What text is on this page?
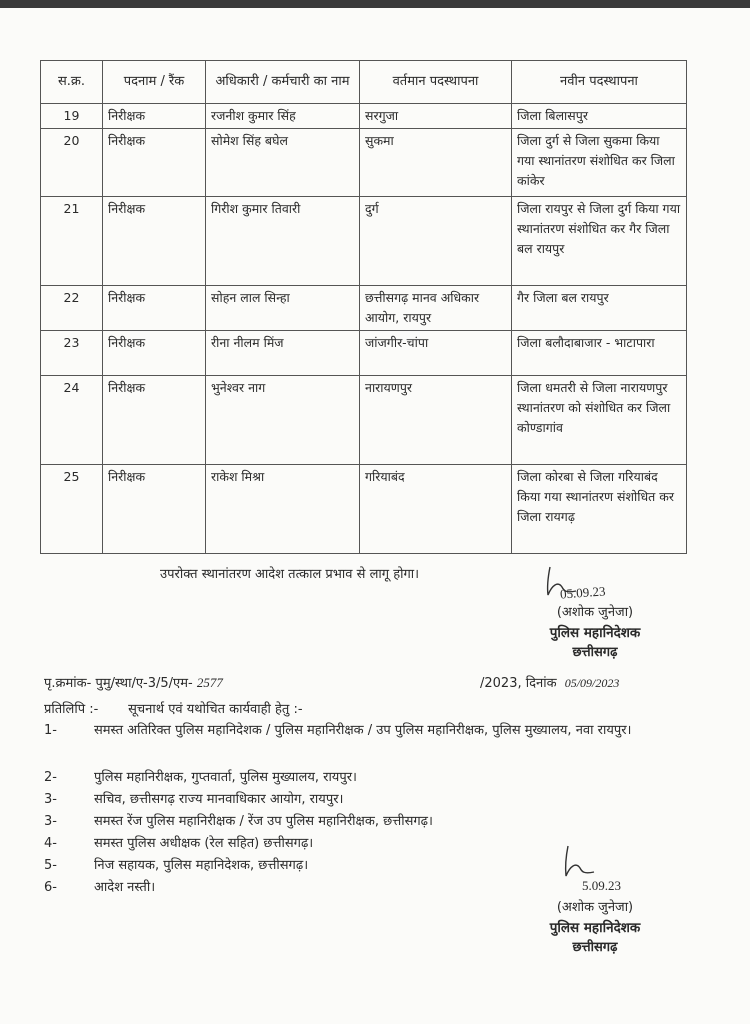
स.क्र.	पदनाम / रैंक	अधिकारी / कर्मचारी का नाम	वर्तमान पदस्थापना	नवीन पदस्थापना
19	निरीक्षक	रजनीश कुमार सिंह	सरगुजा	जिला बिलासपुर
20	निरीक्षक	सोमेश सिंह बघेल	सुकमा	जिला दुर्ग से जिला सुकमा किया गया स्थानांतरण संशोधित कर जिला कांकेर
21	निरीक्षक	गिरीश कुमार तिवारी	दुर्ग	जिला रायपुर से जिला दुर्ग किया गया स्थानांतरण संशोधित कर गैर जिला बल रायपुर
22	निरीक्षक	सोहन लाल सिन्हा	छत्तीसगढ़ मानव अधिकार आयोग, रायपुर	गैर जिला बल रायपुर
23	निरीक्षक	रीना नीलम मिंज	जांजगीर-चांपा	जिला बलौदाबाजार - भाटापारा
24	निरीक्षक	भुनेश्वर नाग	नारायणपुर	जिला धमतरी से जिला नारायणपुर स्थानांतरण को संशोधित कर जिला कोण्डागांव
25	निरीक्षक	राकेश मिश्रा	गरियाबंद	जिला कोरबा से जिला गरियाबंद किया गया स्थानांतरण संशोधित कर जिला रायगढ़
उपरोक्त स्थानांतरण आदेश तत्काल प्रभाव से लागू होगा।
05.09.23
(अशोक जुनेजा)
पुलिस महानिदेशक
छत्तीसगढ़
पृ.क्रमांक- पुमु/स्था/ए-3/5/एम- 2577	/2023, दिनांक 05/09/2023
प्रतिलिपि :- सूचनार्थ एवं यथोचित कार्यवाही हेतु :-
1-	समस्त अतिरिक्त पुलिस महानिदेशक / पुलिस महानिरीक्षक / उप पुलिस महानिरीक्षक, पुलिस मुख्यालय, नवा रायपुर।
2-	पुलिस महानिरीक्षक, गुप्तवार्ता, पुलिस मुख्यालय, रायपुर।
3-	सचिव, छत्तीसगढ़ राज्य मानवाधिकार आयोग, रायपुर।
3-	समस्त रेंज पुलिस महानिरीक्षक / रेंज उप पुलिस महानिरीक्षक, छत्तीसगढ़।
4-	समस्त पुलिस अधीक्षक (रेल सहित) छत्तीसगढ़।
5-	निज सहायक, पुलिस महानिदेशक, छत्तीसगढ़।
6-	आदेश नस्ती।	5.09.23
(अशोक जुनेजा)
पुलिस महानिदेशक
छत्तीसगढ़
